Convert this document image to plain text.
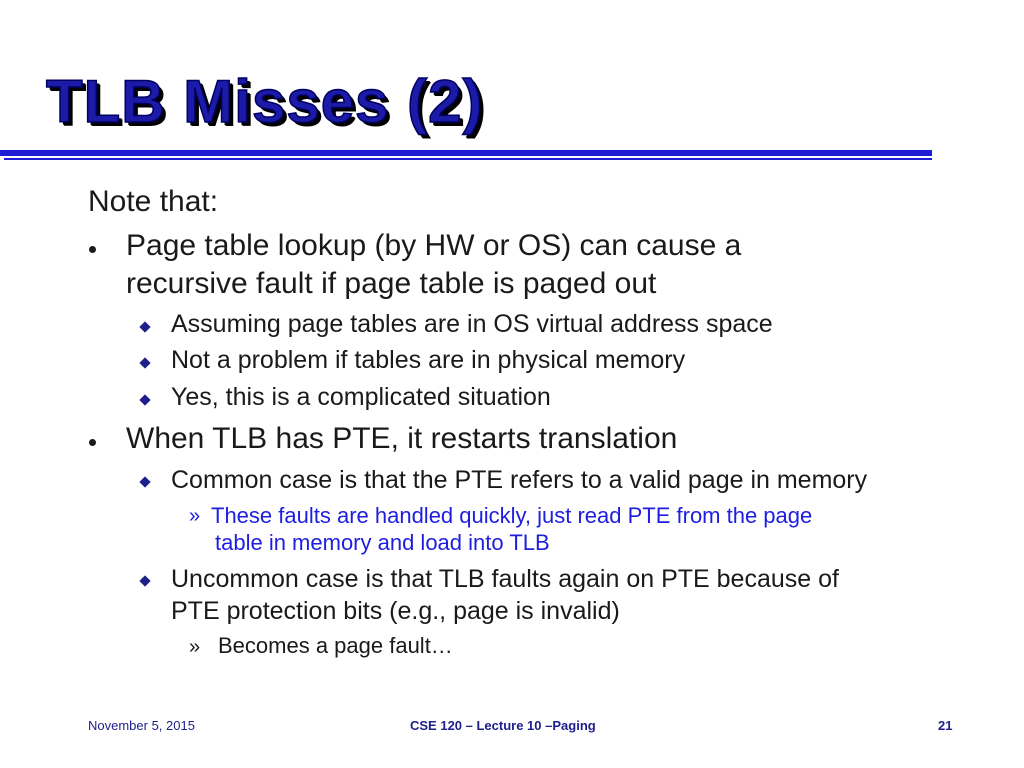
TLB Misses (2)

Note that:

Page table lookup (by HW or OS) can cause a

recursive fault if page table is paged out

Assuming page tables are in OS virtual address space

Not a problem if tables are in physical memory

Yes, this is a complicated situation

When TLB has PTE, it restarts translation

Common case is that the PTE refers to a valid page in memory

» These faults are handled quickly, just read PTE from the page

table in memory and load into TLB

Uncommon case is that TLB faults again on PTE because of

PTE protection bits (e.g., page is invalid)

» Becomes a page fault…

November 5, 2015	CSE 120 – Lecture 10 –Paging	21
